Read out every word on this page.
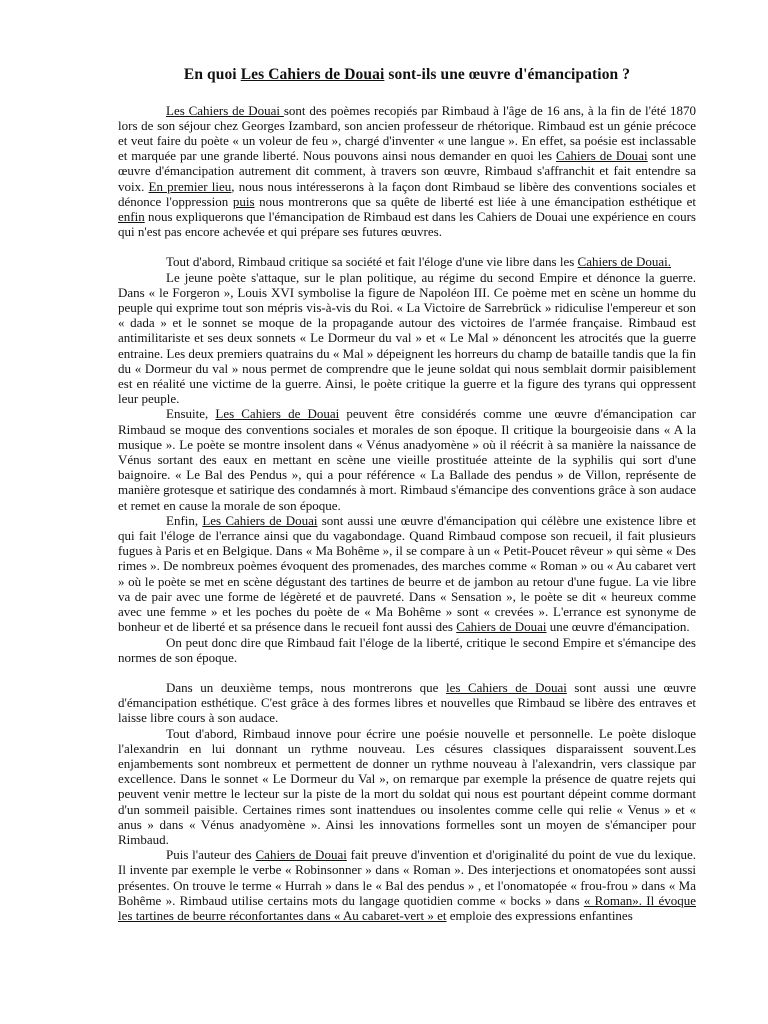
En quoi Les Cahiers de Douai sont-ils une œuvre d'émancipation ?

Les Cahiers de Douai sont des poèmes recopiés par Rimbaud à l'âge de 16 ans, à la fin de l'été 1870 lors de son séjour chez Georges Izambard, son ancien professeur de rhétorique. Rimbaud est un génie précoce et veut faire du poète « un voleur de feu », chargé d'inventer « une langue ». En effet, sa poésie est inclassable et marquée par une grande liberté. Nous pouvons ainsi nous demander en quoi les Cahiers de Douai sont une œuvre d'émancipation autrement dit comment, à travers son œuvre, Rimbaud s'affranchit et fait entendre sa voix. En premier lieu, nous nous intéresserons à la façon dont Rimbaud se libère des conventions sociales et dénonce l'oppression puis nous montrerons que sa quête de liberté est liée à une émancipation esthétique et enfin nous expliquerons que l'émancipation de Rimbaud est dans les Cahiers de Douai une expérience en cours qui n'est pas encore achevée et qui prépare ses futures œuvres.

Tout d'abord, Rimbaud critique sa société et fait l'éloge d'une vie libre dans les Cahiers de Douai.

Le jeune poète s'attaque, sur le plan politique, au régime du second Empire et dénonce la guerre. Dans « le Forgeron », Louis XVI symbolise la figure de Napoléon III. Ce poème met en scène un homme du peuple qui exprime tout son mépris vis-à-vis du Roi. « La Victoire de Sarrebrück » ridiculise l'empereur et son « dada » et le sonnet se moque de la propagande autour des victoires de l'armée française. Rimbaud est antimilitariste et ses deux sonnets « Le Dormeur du val » et « Le Mal » dénoncent les atrocités que la guerre entraine. Les deux premiers quatrains du « Mal » dépeignent les horreurs du champ de bataille tandis que la fin du « Dormeur du val » nous permet de comprendre que le jeune soldat qui nous semblait dormir paisiblement est en réalité une victime de la guerre. Ainsi, le poète critique la guerre et la figure des tyrans qui oppressent leur peuple.

Ensuite, Les Cahiers de Douai peuvent être considérés comme une œuvre d'émancipation car Rimbaud se moque des conventions sociales et morales de son époque. Il critique la bourgeoisie dans « A la musique ». Le poète se montre insolent dans « Vénus anadyomène » où il réécrit à sa manière la naissance de Vénus sortant des eaux en mettant en scène une vieille prostituée atteinte de la syphilis qui sort d'une baignoire. « Le Bal des Pendus », qui a pour référence « La Ballade des pendus » de Villon, représente de manière grotesque et satirique des condamnés à mort. Rimbaud s'émancipe des conventions grâce à son audace et remet en cause la morale de son époque.

Enfin, Les Cahiers de Douai sont aussi une œuvre d'émancipation qui célèbre une existence libre et qui fait l'éloge de l'errance ainsi que du vagabondage. Quand Rimbaud compose son recueil, il fait plusieurs fugues à Paris et en Belgique. Dans « Ma Bohême », il se compare à un « Petit-Poucet rêveur » qui sème « Des rimes ». De nombreux poèmes évoquent des promenades, des marches comme « Roman » ou « Au cabaret vert » où le poète se met en scène dégustant des tartines de beurre et de jambon au retour d'une fugue. La vie libre va de pair avec une forme de légèreté et de pauvreté. Dans « Sensation », le poète se dit « heureux comme avec une femme » et les poches du poète de « Ma Bohême » sont « crevées ». L'errance est synonyme de bonheur et de liberté et sa présence dans le recueil font aussi des Cahiers de Douai une œuvre d'émancipation.

On peut donc dire que Rimbaud fait l'éloge de la liberté, critique le second Empire et s'émancipe des normes de son époque.

Dans un deuxième temps, nous montrerons que les Cahiers de Douai sont aussi une œuvre d'émancipation esthétique. C'est grâce à des formes libres et nouvelles que Rimbaud se libère des entraves et laisse libre cours à son audace.

Tout d'abord, Rimbaud innove pour écrire une poésie nouvelle et personnelle. Le poète disloque l'alexandrin en lui donnant un rythme nouveau. Les césures classiques disparaissent souvent.Les enjambements sont nombreux et permettent de donner un rythme nouveau à l'alexandrin, vers classique par excellence. Dans le sonnet « Le Dormeur du Val », on remarque par exemple la présence de quatre rejets qui peuvent venir mettre le lecteur sur la piste de la mort du soldat qui nous est pourtant dépeint comme dormant d'un sommeil paisible. Certaines rimes sont inattendues ou insolentes comme celle qui relie « Venus » et « anus » dans « Vénus anadyomène ». Ainsi les innovations formelles sont un moyen de s'émanciper pour Rimbaud.

Puis l'auteur des Cahiers de Douai fait preuve d'invention et d'originalité du point de vue du lexique. Il invente par exemple le verbe « Robinsonner » dans « Roman ». Des interjections et onomatopées sont aussi présentes. On trouve le terme « Hurrah » dans le « Bal des pendus » , et l'onomatopée « frou-frou » dans « Ma Bohême ». Rimbaud utilise certains mots du langage quotidien comme « bocks » dans « Roman». Il évoque les tartines de beurre réconfortantes dans « Au cabaret-vert » et emploie des expressions enfantines
